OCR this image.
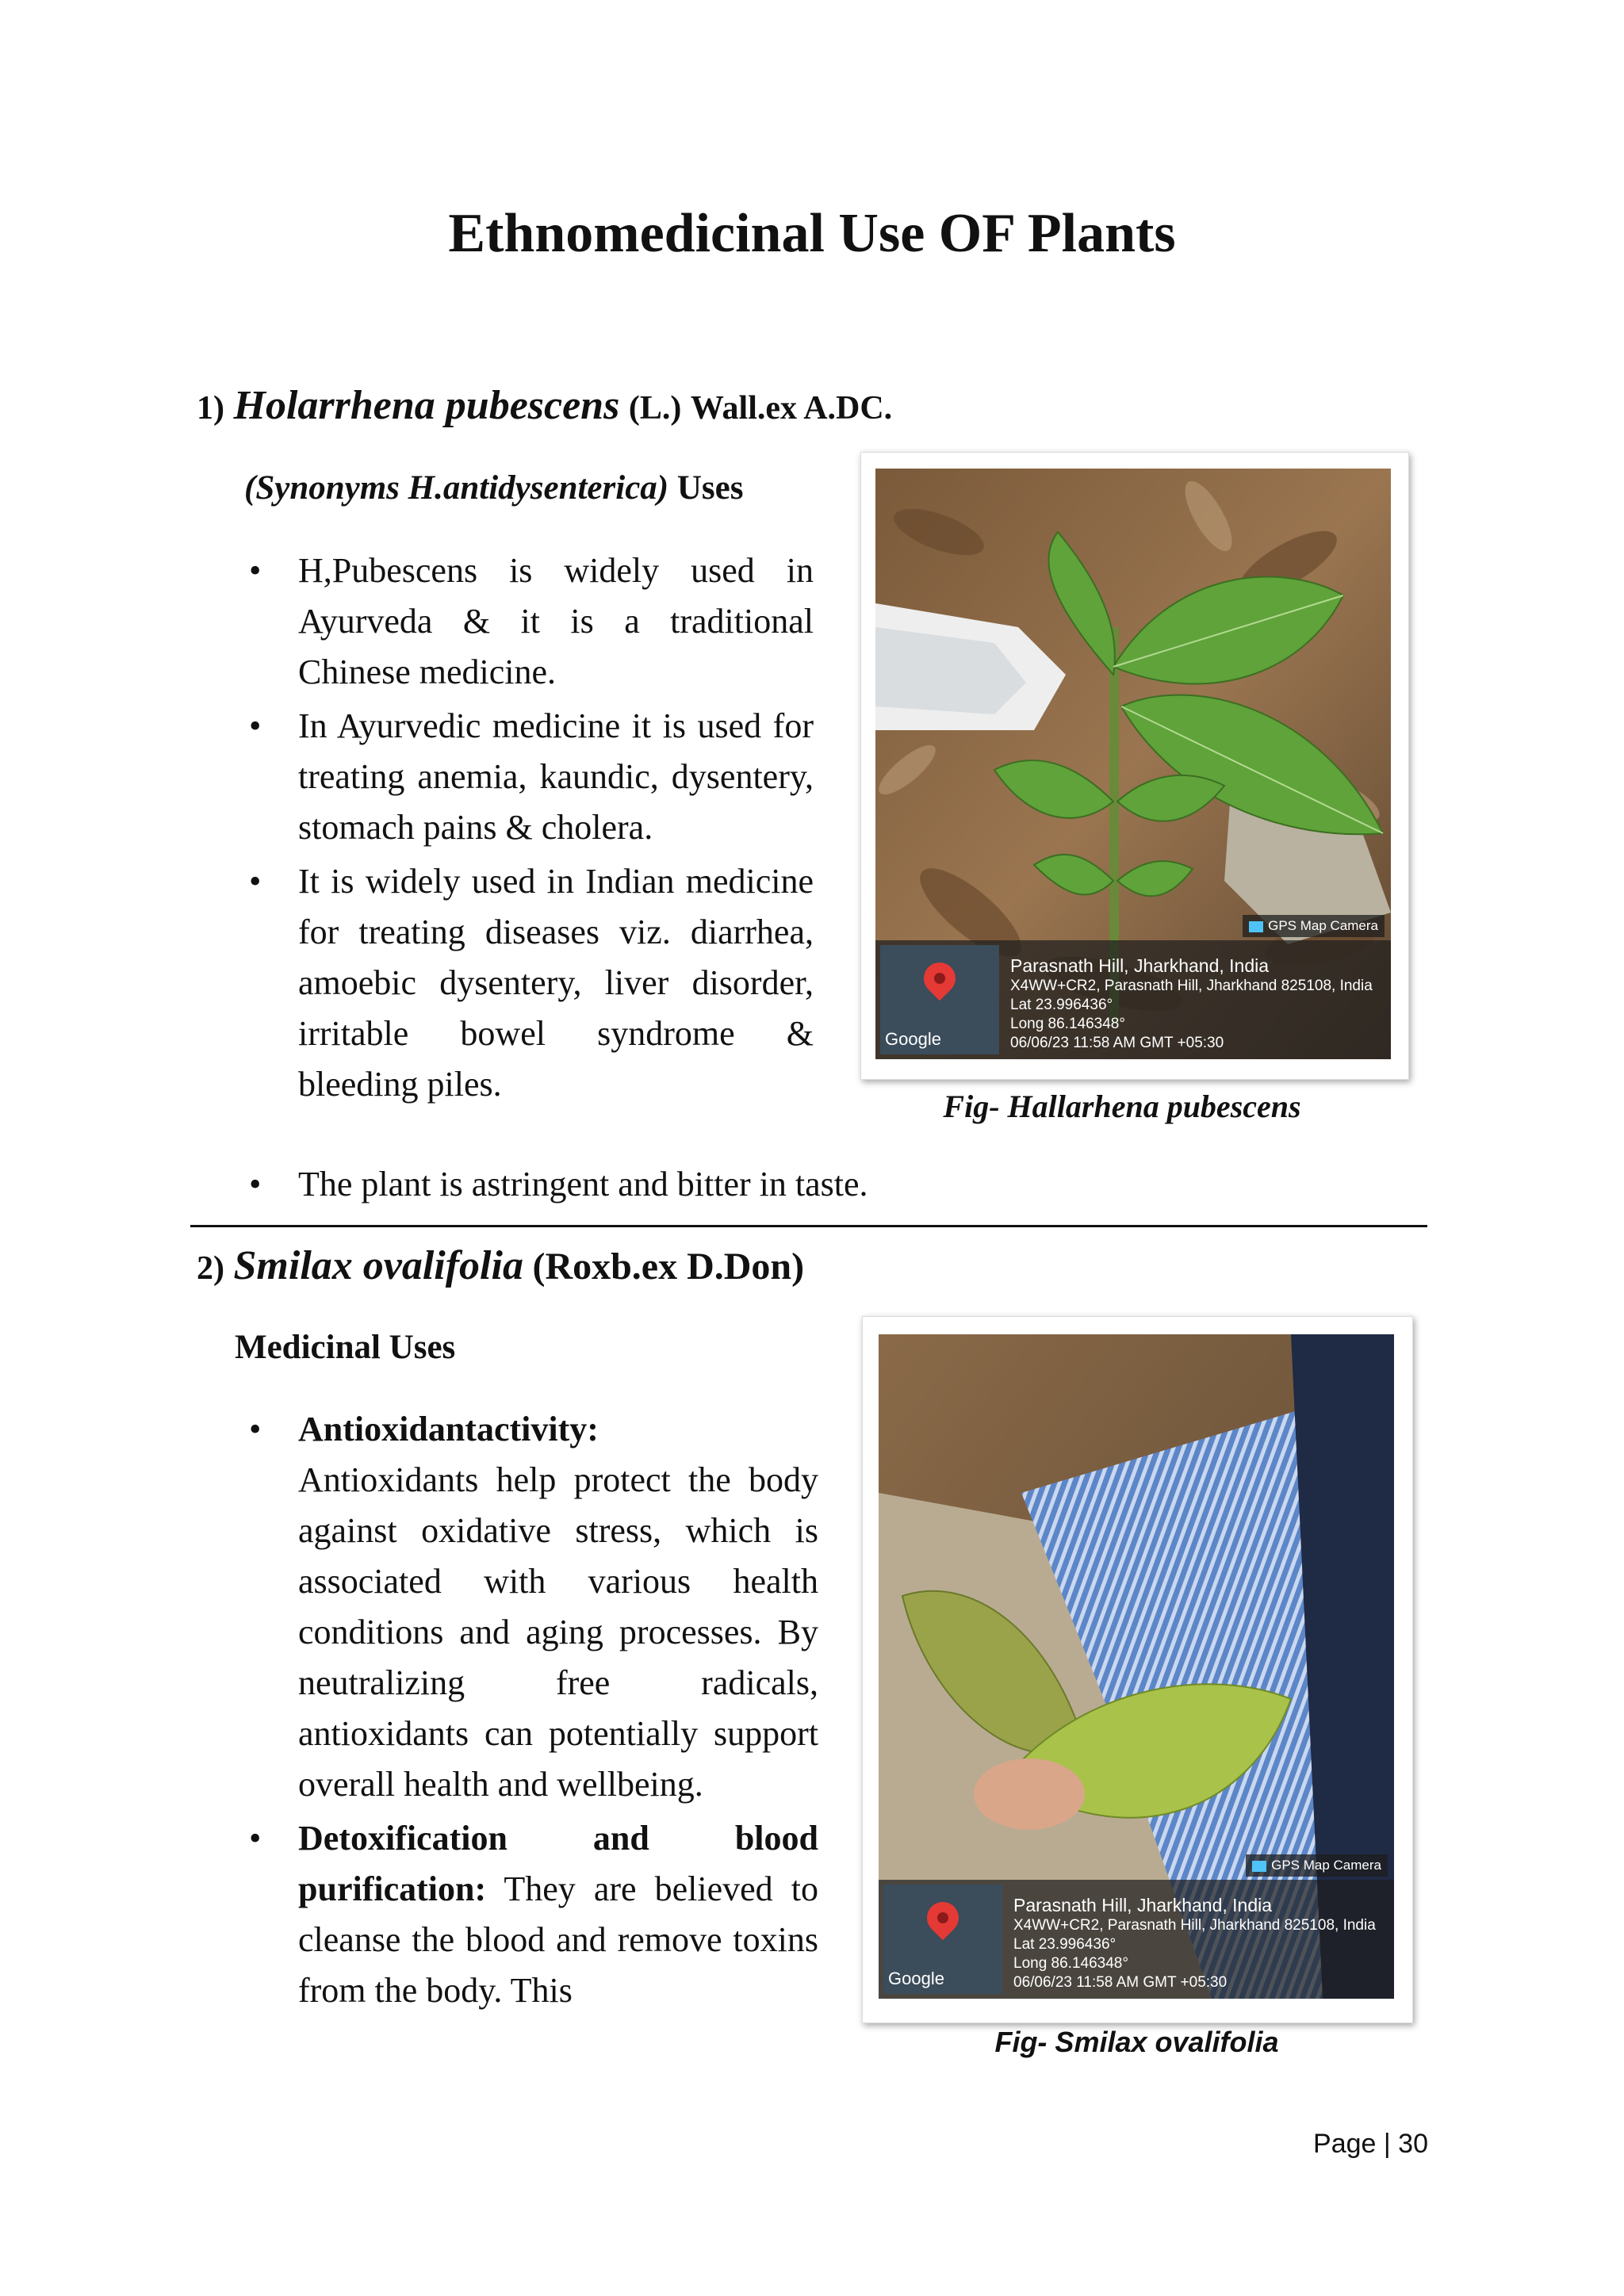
Ethnomedicinal Use OF Plants
1) Holarrhena pubescens (L.) Wall.ex A.DC.
(Synonyms H.antidysenterica) Uses
• H,Pubescens is widely used in Ayurveda & it is a traditional Chinese medicine.
• In Ayurvedic medicine it is used for treating anemia, kaundic, dysentery, stomach pains & cholera.
• It is widely used in Indian medicine for treating diseases viz. diarrhea, amoebic dysentery, liver disorder, irritable bowel syndrome & bleeding piles.
• The plant is astringent and bitter in taste.
GPS Map Camera
Google
Parasnath Hill, Jharkhand, India
X4WW+CR2, Parasnath Hill, Jharkhand 825108, India
Lat 23.996436°
Long 86.146348°
06/06/23 11:58 AM GMT +05:30
Fig- Hallarhena pubescens
2) Smilax ovalifolia (Roxb.ex D.Don)
Medicinal Uses
• Antioxidantactivity:
Antioxidants help protect the body against oxidative stress, which is associated with various health conditions and aging processes. By neutralizing free radicals, antioxidants can potentially support overall health and wellbeing.
• Detoxification and blood purification: They are believed to cleanse the blood and remove toxins from the body. This
GPS Map Camera
Google
Parasnath Hill, Jharkhand, India
X4WW+CR2, Parasnath Hill, Jharkhand 825108, India
Lat 23.996436°
Long 86.146348°
06/06/23 11:58 AM GMT +05:30
Fig- Smilax ovalifolia
Page | 30
